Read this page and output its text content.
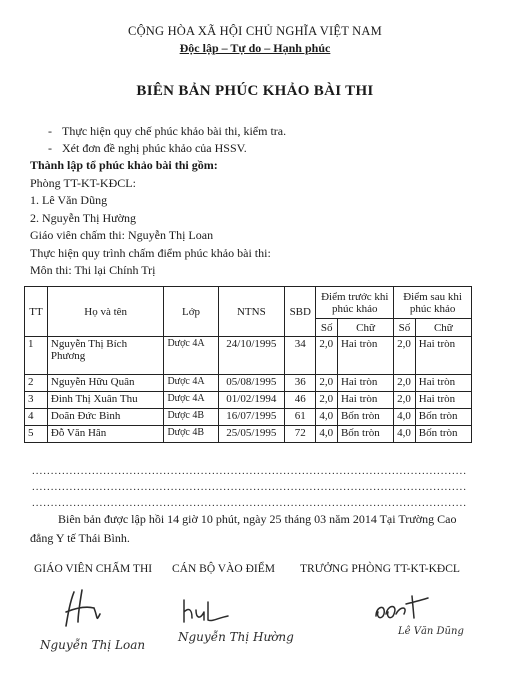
CỘNG HÒA XÃ HỘI CHỦ NGHĨA VIỆT NAM
Độc lập – Tự do – Hạnh phúc
BIÊN BẢN PHÚC KHẢO BÀI THI
- Thực hiện quy chế phúc khảo bài thi, kiểm tra.
- Xét đơn đề nghị phúc khảo của HSSV.
Thành lập tổ phúc khảo bài thi gồm:
Phòng TT-KT-KĐCL:
1. Lê Văn Dũng
2. Nguyễn Thị Hường
Giáo viên chấm thi: Nguyễn Thị Loan
Thực hiện quy trình chấm điểm phúc khảo bài thi:
Môn thi: Thi lại Chính Trị
TT	Họ và tên	Lớp	NTNS	SBD	Điểm trước khi phúc khảo		Điểm sau khi phúc khảo	
					Số	Chữ	Số	Chữ
1	Nguyễn Thị Bích Phương	Dược 4A	24/10/1995	34	2,0	Hai tròn	2,0	Hai tròn
2	Nguyễn Hữu Quân	Dược 4A	05/08/1995	36	2,0	Hai tròn	2,0	Hai tròn
3	Đinh Thị Xuân Thu	Dược 4A	01/02/1994	46	2,0	Hai tròn	2,0	Hai tròn
4	Doãn Đức Bình	Dược 4B	16/07/1995	61	4,0	Bốn tròn	4,0	Bốn tròn
5	Đỗ Văn Hân	Dược 4B	25/05/1995	72	4,0	Bốn tròn	4,0	Bốn tròn
....................................................................................................................
....................................................................................................................
....................................................................................................................
Biên bản được lập hồi 14 giờ 10 phút, ngày 25 tháng 03 năm 2014 Tại Trường Cao đẳng Y tế Thái Bình.
GIÁO VIÊN CHẤM THI CÁN BỘ VÀO ĐIỂM TRƯỞNG PHÒNG TT-KT-KĐCL
Nguyễn Thị Loan
Nguyễn Thị Hường	Lê Văn Dũng
